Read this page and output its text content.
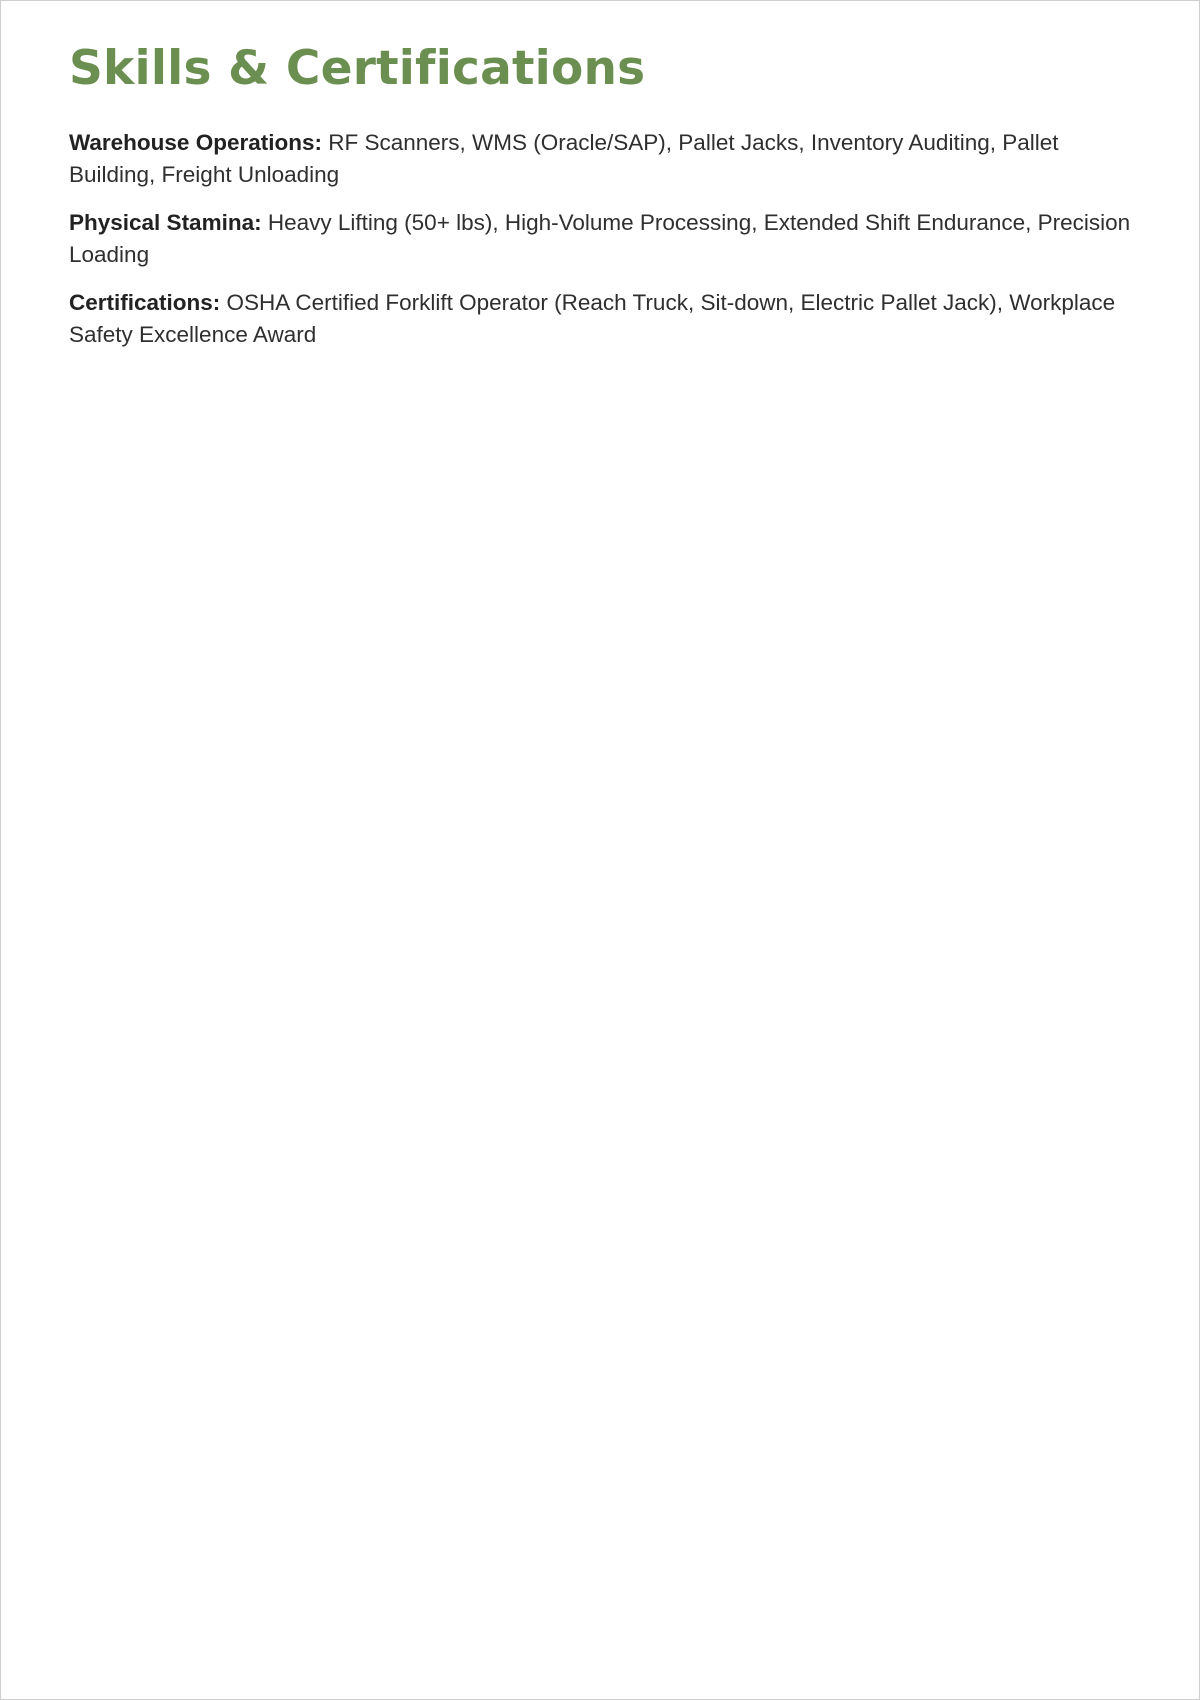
Skills & Certifications

Warehouse Operations: RF Scanners, WMS (Oracle/SAP), Pallet Jacks, Inventory Auditing, Pallet Building, Freight Unloading

Physical Stamina: Heavy Lifting (50+ lbs), High-Volume Processing, Extended Shift Endurance, Precision Loading

Certifications: OSHA Certified Forklift Operator (Reach Truck, Sit-down, Electric Pallet Jack), Workplace Safety Excellence Award
